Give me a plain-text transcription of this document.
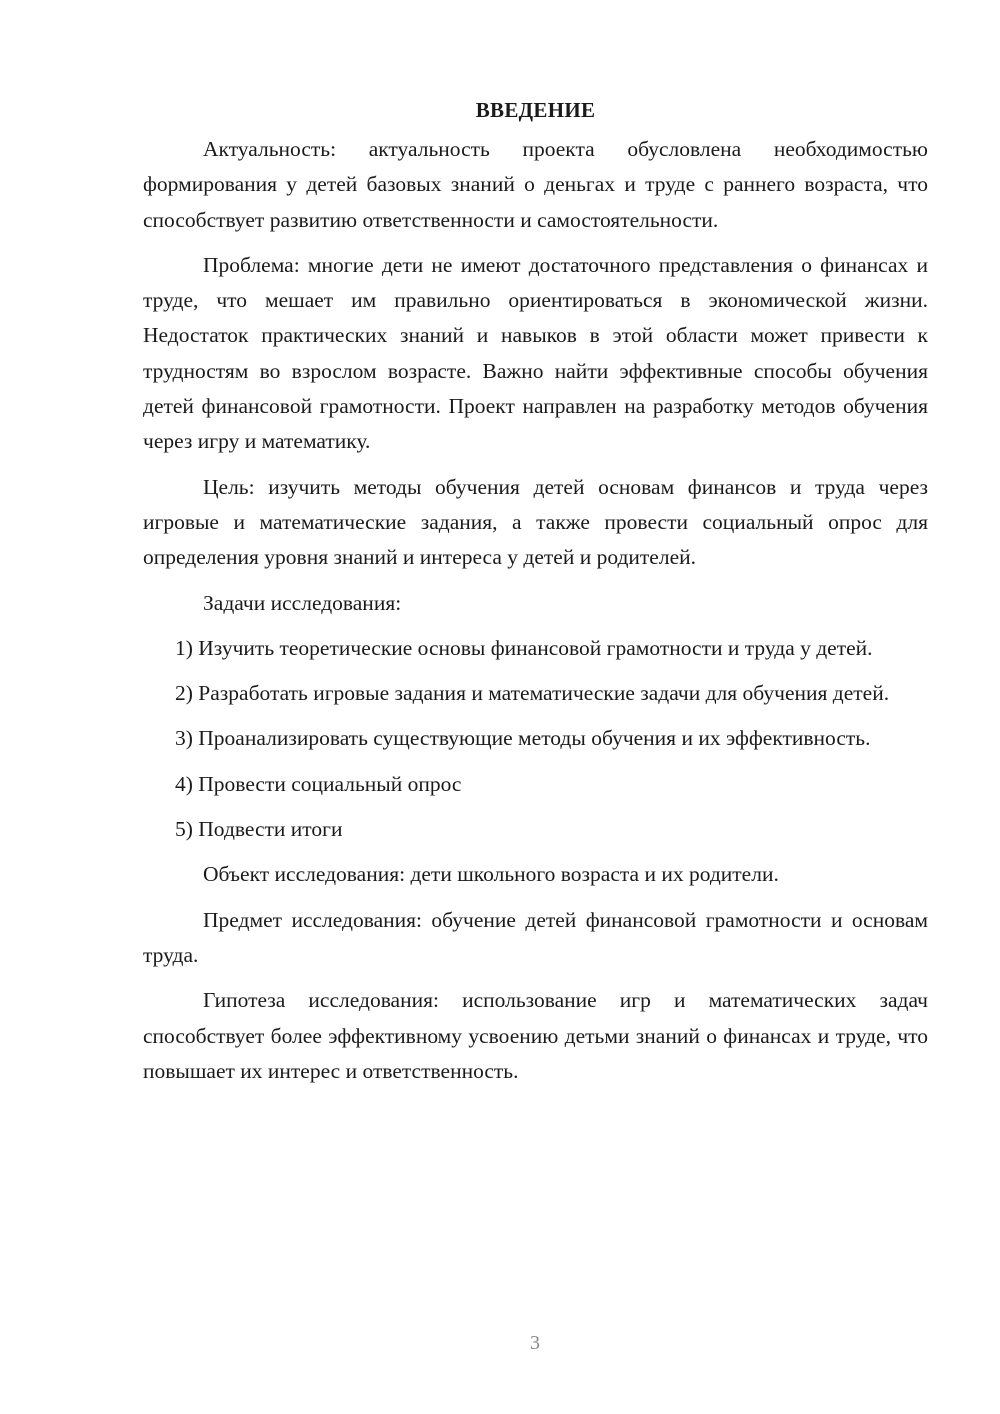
ВВЕДЕНИЕ

Актуальность: актуальность проекта обусловлена необходимостью формирования у детей базовых знаний о деньгах и труде с раннего возраста, что способствует развитию ответственности и самостоятельности.

Проблема: многие дети не имеют достаточного представления о финансах и труде, что мешает им правильно ориентироваться в экономической жизни. Недостаток практических знаний и навыков в этой области может привести к трудностям во взрослом возрасте. Важно найти эффективные способы обучения детей финансовой грамотности. Проект направлен на разработку методов обучения через игру и математику.

Цель: изучить методы обучения детей основам финансов и труда через игровые и математические задания, а также провести социальный опрос для определения уровня знаний и интереса у детей и родителей.

Задачи исследования:

1) Изучить теоретические основы финансовой грамотности и труда у детей.

2) Разработать игровые задания и математические задачи для обучения детей.

3) Проанализировать существующие методы обучения и их эффективность.

4) Провести социальный опрос

5) Подвести итоги

Объект исследования: дети школьного возраста и их родители.

Предмет исследования: обучение детей финансовой грамотности и основам труда.

Гипотеза исследования: использование игр и математических задач способствует более эффективному усвоению детьми знаний о финансах и труде, что повышает их интерес и ответственность.

3
